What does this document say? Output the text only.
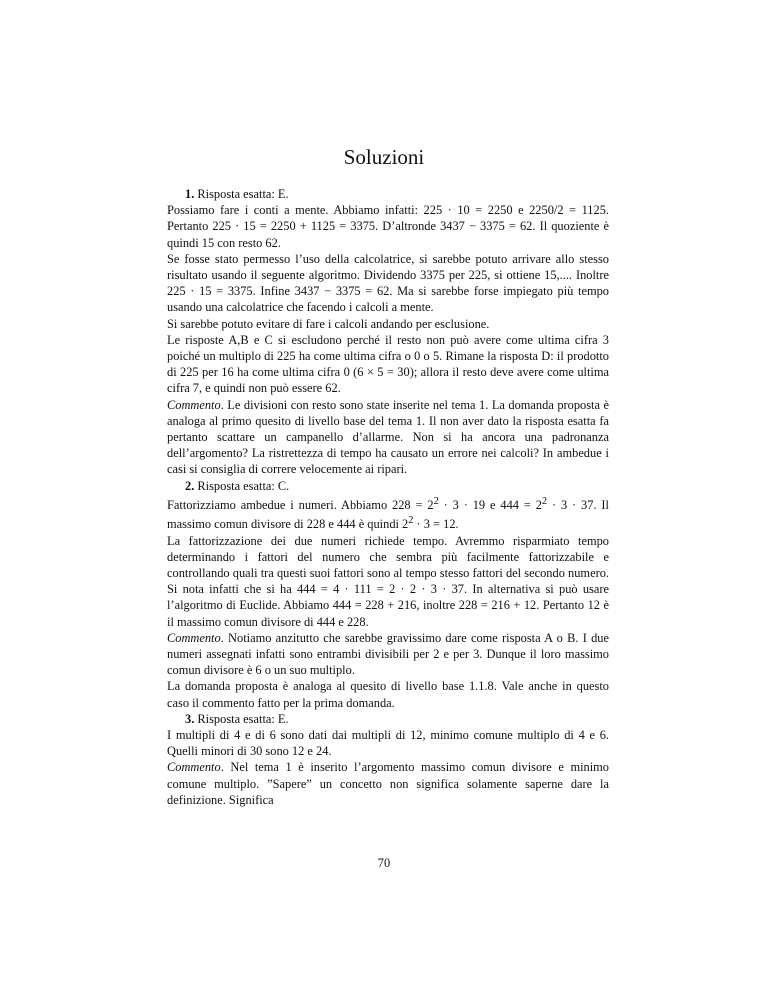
Soluzioni

1. Risposta esatta: E.

Possiamo fare i conti a mente. Abbiamo infatti: 225 · 10 = 2250 e 2250/2 = 1125. Pertanto 225 · 15 = 2250 + 1125 = 3375. D’altronde 3437 − 3375 = 62. Il quoziente è quindi 15 con resto 62.

Se fosse stato permesso l’uso della calcolatrice, si sarebbe potuto arrivare allo stesso risultato usando il seguente algoritmo. Dividendo 3375 per 225, si ottiene 15,.... Inoltre 225 · 15 = 3375. Infine 3437 − 3375 = 62. Ma si sarebbe forse impiegato più tempo usando una calcolatrice che facendo i calcoli a mente.

Si sarebbe potuto evitare di fare i calcoli andando per esclusione.

Le risposte A,B e C si escludono perché il resto non può avere come ultima cifra 3 poiché un multiplo di 225 ha come ultima cifra o 0 o 5. Rimane la risposta D: il prodotto di 225 per 16 ha come ultima cifra 0 (6 × 5 = 30); allora il resto deve avere come ultima cifra 7, e quindi non può essere 62.

Commento. Le divisioni con resto sono state inserite nel tema 1. La domanda proposta è analoga al primo quesito di livello base del tema 1. Il non aver dato la risposta esatta fa pertanto scattare un campanello d’allarme. Non si ha ancora una padronanza dell’argomento? La ristrettezza di tempo ha causato un errore nei calcoli? In ambedue i casi si consiglia di correre velocemente ai ripari.

2. Risposta esatta: C.

Fattorizziamo ambedue i numeri. Abbiamo $228 = 2^2 \cdot 3 \cdot 19$ e $444 = 2^2 \cdot 3 \cdot 37$. Il massimo comun divisore di 228 e 444 è quindi $2^2 \cdot 3 = 12$.

La fattorizzazione dei due numeri richiede tempo. Avremmo risparmiato tempo determinando i fattori del numero che sembra più facilmente fattorizzabile e controllando quali tra questi suoi fattori sono al tempo stesso fattori del secondo numero. Si nota infatti che si ha 444 = 4 · 111 = 2 · 2 · 3 · 37. In alternativa si può usare l’algoritmo di Euclide. Abbiamo 444 = 228 + 216, inoltre 228 = 216 + 12. Pertanto 12 è il massimo comun divisore di 444 e 228.

Commento. Notiamo anzitutto che sarebbe gravissimo dare come risposta A o B. I due numeri assegnati infatti sono entrambi divisibili per 2 e per 3. Dunque il loro massimo comun divisore è 6 o un suo multiplo.

La domanda proposta è analoga al quesito di livello base 1.1.8. Vale anche in questo caso il commento fatto per la prima domanda.

3. Risposta esatta: E.

I multipli di 4 e di 6 sono dati dai multipli di 12, minimo comune multiplo di 4 e 6. Quelli minori di 30 sono 12 e 24.

Commento. Nel tema 1 è inserito l’argomento massimo comun divisore e minimo comune multiplo. ”Sapere” un concetto non significa solamente saperne dare la definizione. Significa

70
